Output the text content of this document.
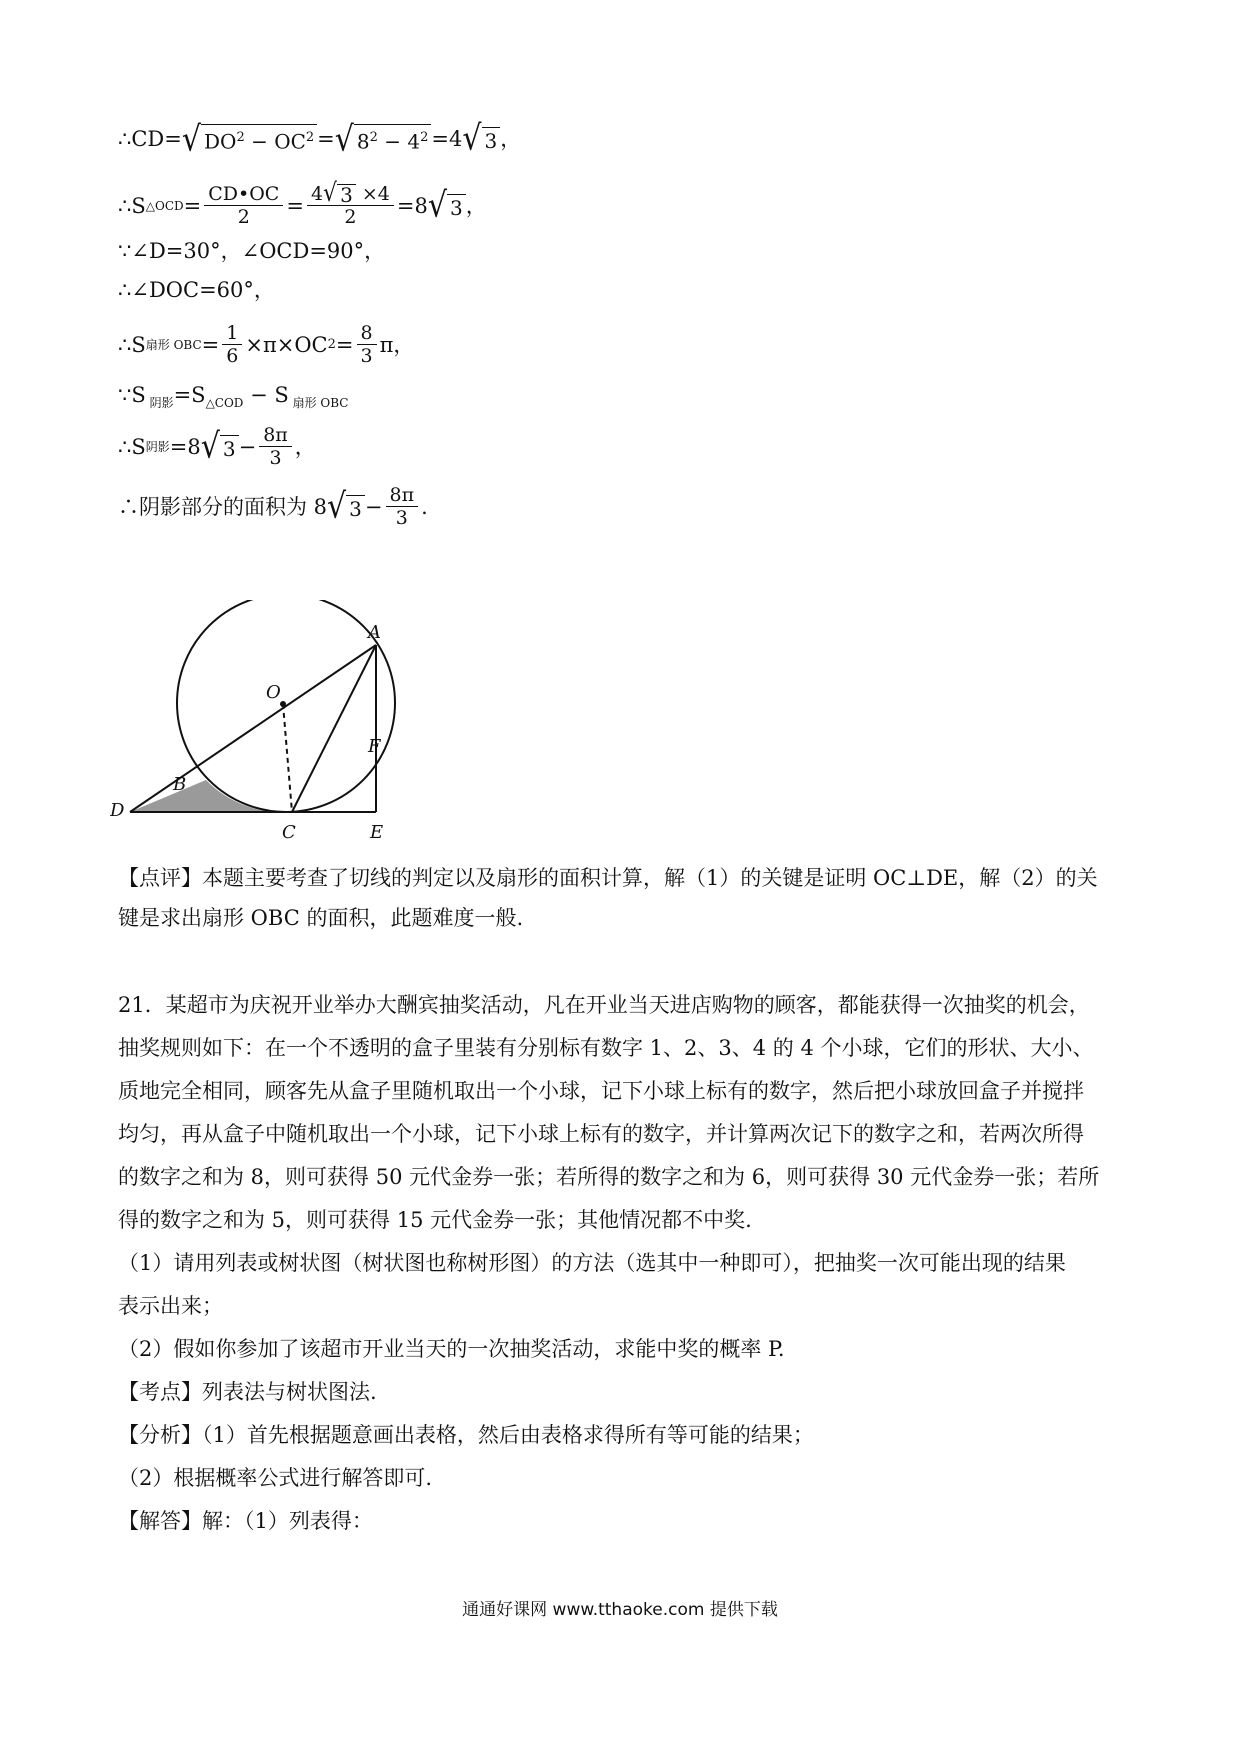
∴CD= √ $DO^2 - OC^2$ = √ $8^2 - 4^2 =4$ √ 3 ，
∴S △OCD = $\frac{CD•OC}{2} = \frac{4 √ 3 \times 4}{2} =8$ √ 3 ，
∵∠D=30°，∠OCD=90°，
∴∠DOC=60°，
∴S 扇形 OBC = $\frac{1}{6} \times\pi\times OC$ $2 = \frac{8}{3}$ π，
∵S $_{阴影}=S_{\triangle COD} - S$ $_{扇形 OBC}$
∴S 阴影 =8 √ $3 - \frac{8\pi}{3}$ ，
∴阴影部分的面积为 8 √ $3 - \frac{8\pi}{3}$ .
A
O
B
F
D
C	E
【点评】本题主要考查了切线的判定以及扇形的面积计算，解（1）的关键是证明 OC⊥DE，解（2）的关
键是求出扇形 OBC 的面积，此题难度一般.
21．某超市为庆祝开业举办大酬宾抽奖活动，凡在开业当天进店购物的顾客，都能获得一次抽奖的机会，
抽奖规则如下：在一个不透明的盒子里装有分别标有数字 1、2、3、4 的 4 个小球，它们的形状、大小、
质地完全相同，顾客先从盒子里随机取出一个小球，记下小球上标有的数字，然后把小球放回盒子并搅拌
均匀，再从盒子中随机取出一个小球，记下小球上标有的数字，并计算两次记下的数字之和，若两次所得
的数字之和为 8，则可获得 50 元代金券一张；若所得的数字之和为 6，则可获得 30 元代金券一张；若所
得的数字之和为 5，则可获得 15 元代金券一张；其他情况都不中奖.
（1）请用列表或树状图（树状图也称树形图）的方法（选其中一种即可），把抽奖一次可能出现的结果
表示出来；
（2）假如你参加了该超市开业当天的一次抽奖活动，求能中奖的概率 P.
【考点】列表法与树状图法.
【分析】（1）首先根据题意画出表格，然后由表格求得所有等可能的结果；
（2）根据概率公式进行解答即可.
【解答】解：（1）列表得：
通通好课网 www.tthaoke.com 提供下载
